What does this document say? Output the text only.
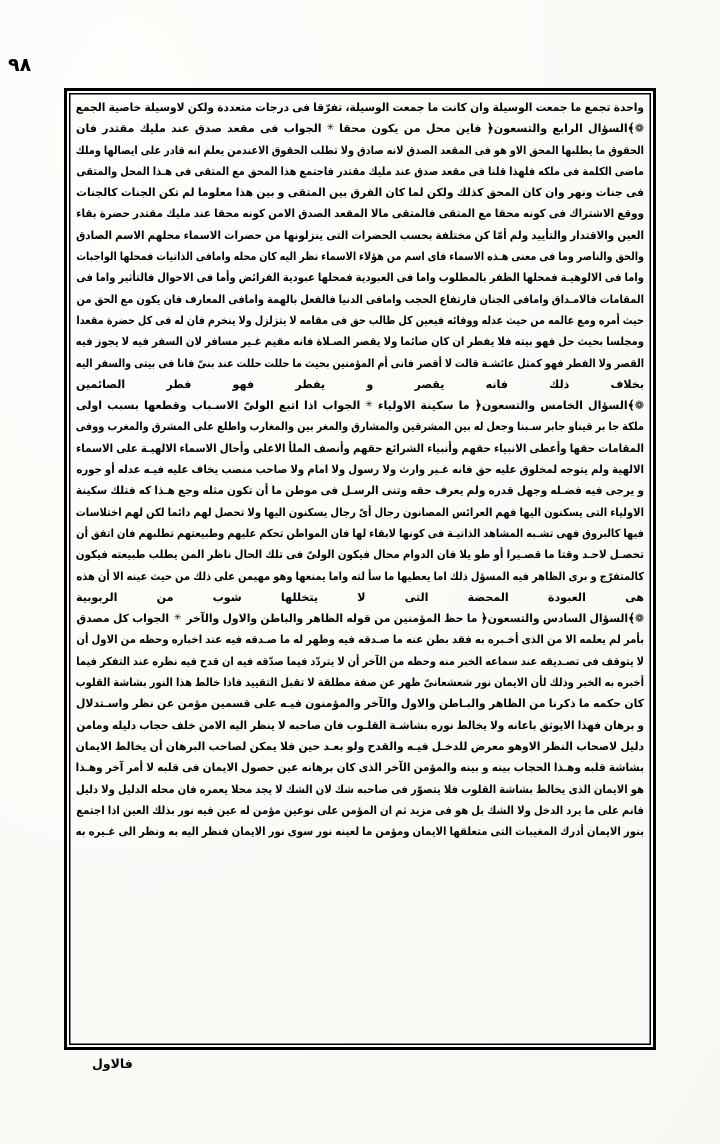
٩٨
واحدة تجمع ما جمعت الوسيلة وان كانت ما جمعت الوسيلة، تفرّقا فى درجات متعددة ولكن لاوسيلة خاصية الجمع
❁﴾السؤال الرابع والتسعون﴿ فاين محل من يكون محقا✳الجواب فى مقعد صدق عند مليك مقتدر فان
الحقوق ما يطلبها المحق الاو هو فى المقعد الصدق لانه صادق ولا تطلب الحقوق الاعندمن يعلم انه قادر على ايصالها وملك
ماضى الكلمة فى ملكه فلهذا قلنا فى مقعد صدق عند مليك مقتدر فاجتمع هذا المحق مع المتقى فى هـذا المحل والمتقى
فى جنات ونهر وان كان المحق كذلك ولكن لما كان الفرق بين المتقى و بين هذا معلوما لم تكن الجنات كالجنات
ووقع الاشتراك فى كونه محقا مع المتقى فالمتقى مالا المقعد الصدق الامن كونه محقا عند مليك مقتدر حضرة بقاء
العين والاقتدار والتأييد ولم أمّا كن مختلفة بحسب الحضرات التى ينزلونها من حضرات الاسماء محلهم الاسم الصادق
والحق والناصر وما فى معنى هـذه الاسماء فاى اسم من هؤلاء الاسماء نظر اليه كان محله وامافى الذاتيات فمحلها الواجبات
واما فى الالوهيـة فمحلها الظفر بالمطلوب واما فى العبودية فمحلها عبودية الفرائض وأما فى الاحوال فالتأثير واما فى
المقامات فالامـداق وامافى الجنان فارتفاع الحجب وامافى الدنيا فالفعل بالهمة وامافى المعارف فان يكون مع الحق من
حيث أمره ومع عالمه من حيث عدله ووفائه فيعين كل طالب حق فى مقامه لا يتزلزل ولا ينخرم فان له فى كل حضرة مقعدا
ومجلسا بحيث حل فهو بيته فلا يفطر ان كان صائما ولا يقصر الصـلاة فانه مقيم غـير مسافر لان السفر فيه لا يجوز فيه
القصر ولا الفطر فهو كمثل عائشـة قالت لا أقصر فانى أم المؤمنين بحيث ما حللت حللت عند بنىّ فانا فى بيتى والسفر اليه
بخلاف ذلك فانه يقصر و يفطر فهو فطر الصائمين
❁﴾السؤال الخامس والتسعون﴿ ما سكينة الاولياء✳الجواب اذا اتبع الولىّ الاسـباب وقطعها بسبب اولى
ملكة جا بر قيناو جابر سـبنا وجعل له بين المشرقين والمشارق والمغر بين والمغارب واطلع على المشرق والمغرب ووفى
المقامات حقها وأعطى الانبياء حقهم وأنبياء الشرائع حقهم وأنصف الملأ الاعلى وأحال الاسماء الالهيـة على الاسماء
الالهية ولم يتوجه لمخلوق عليه حق فانه غـير وارث ولا رسول ولا امام ولا صاحب منصب يخاف عليه فيـه عدله أو جوره
و يرجى فيه فضـله وجهل قدره ولم يعرف حقه وتنى الرسـل فى موطن ما أن تكون مثله وجع هـذا كه فتلك سكينة
الاولياء التى يسكنون اليها فهم العرائس المصانون رجال أىّ رجال يسكنون اليها ولا تحصل لهم دائما لكن لهم اختلاسات
فيها كالبروق فهى تشـبه المشاهد الذاتيـة فى كونها لابقاء لها فان المواطن تحكم عليهم وطبيعتهم تطلبهم فان اتفق أن
تحصـل لاحـد وقتا ما قصـيرا أو طو يلا فان الدوام محال فيكون الولىّ فى تلك الحال ناظر المن يطلب طبيعته فيكون
كالمتفرّج و برى الظاهر فيه المسؤل ذلك اما يعطيها ما سأ لته واما يمنعها وهو مهيمن على ذلك من حيث عينه الا أن هذه
هى العبودة المحضة التى لا يتخللها شوب من الربوبية
❁﴾السؤال السادس والتسعون﴿ ما حظ المؤمنين من قوله الظاهر والباطن والاول والآخر✳الجواب كل مصدق
بأمر لم يعلمه الا من الذى أخـبره به فقد بطن عنه ما صـدقه فيه وظهر له ما صـدقه فيه عند اخباره وحظه من الاول أن
لا يتوقف فى تصـديقه عند سماعه الخبر منه وحظه من الآخر أن لا يتردّد فيما صدّقه فيه ان قدح فيه نظره عند التفكر فيما
أخبره به الخبر وذلك لأن الايمان نور شعشعانىّ ظهر عن صفة مطلقة لا تقبل التقييد فاذا خالط هذا النور بشاشة القلوب
كان حكمه ما ذكرنا من الظاهر والبـاطن والاول والآخر والمؤمنون فيـه على قسمين مؤمن عن نظر واسـتدلال
و برهان فهذا الايوثق باعانه ولا يخالط نوره بشاشـة القلـوب فان صاحبه لا ينظر اليه الامن خلف حجاب دليله ومامن
دليل لاصحاب النظر الاوهو معرض للدخـل فيـه والقدح ولو بعـد حين فلا يمكن لصاحب البرهان أن يخالط الايمان
بشاشة قلبه وهـذا الحجاب بينه و بينه والمؤمن الآخر الذى كان برهانه عين حصول الايمان فى قلبه لا أمر آخر وهـذا
هو الايمان الذى يخالط بشاشة القلوب فلا يتصوّر فى صاحبه شك لان الشك لا يجد محلا يعمره فان محله الدليل ولا دليل
فانم على ما يرد الدخل ولا الشك بل هو فى مزيد ثم ان المؤمن على نوعين مؤمن له عين فيه نور بذلك العين اذا اجتمع
بنور الايمان أدرك المغيبات التى متعلقها الايمان ومؤمن ما لعينه نور سوى نور الايمان فنظر اليه به ونظر الى غـيره به
فالاول
